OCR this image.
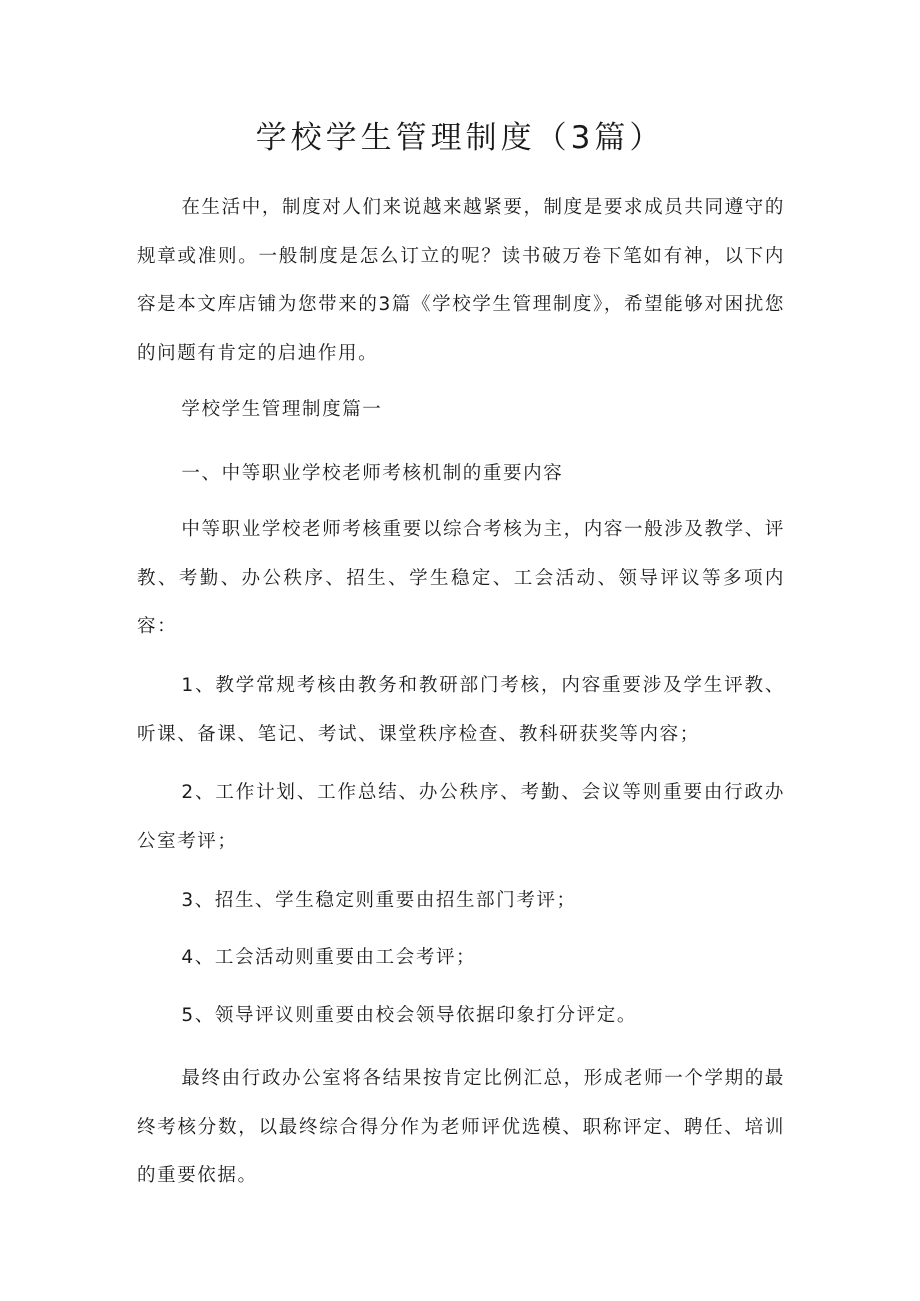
学校学生管理制度（3篇）

在生活中，制度对人们来说越来越紧要，制度是要求成员共同遵守的规章或准则。一般制度是怎么订立的呢？读书破万卷下笔如有神，以下内容是本文库店铺为您带来的3篇《学校学生管理制度》，希望能够对困扰您的问题有肯定的启迪作用。

学校学生管理制度篇一

一、中等职业学校老师考核机制的重要内容

中等职业学校老师考核重要以综合考核为主，内容一般涉及教学、评教、考勤、办公秩序、招生、学生稳定、工会活动、领导评议等多项内容：

1、教学常规考核由教务和教研部门考核，内容重要涉及学生评教、听课、备课、笔记、考试、课堂秩序检查、教科研获奖等内容；

2、工作计划、工作总结、办公秩序、考勤、会议等则重要由行政办公室考评；

3、招生、学生稳定则重要由招生部门考评；

4、工会活动则重要由工会考评；

5、领导评议则重要由校会领导依据印象打分评定。

最终由行政办公室将各结果按肯定比例汇总，形成老师一个学期的最终考核分数，以最终综合得分作为老师评优选模、职称评定、聘任、培训的重要依据。
